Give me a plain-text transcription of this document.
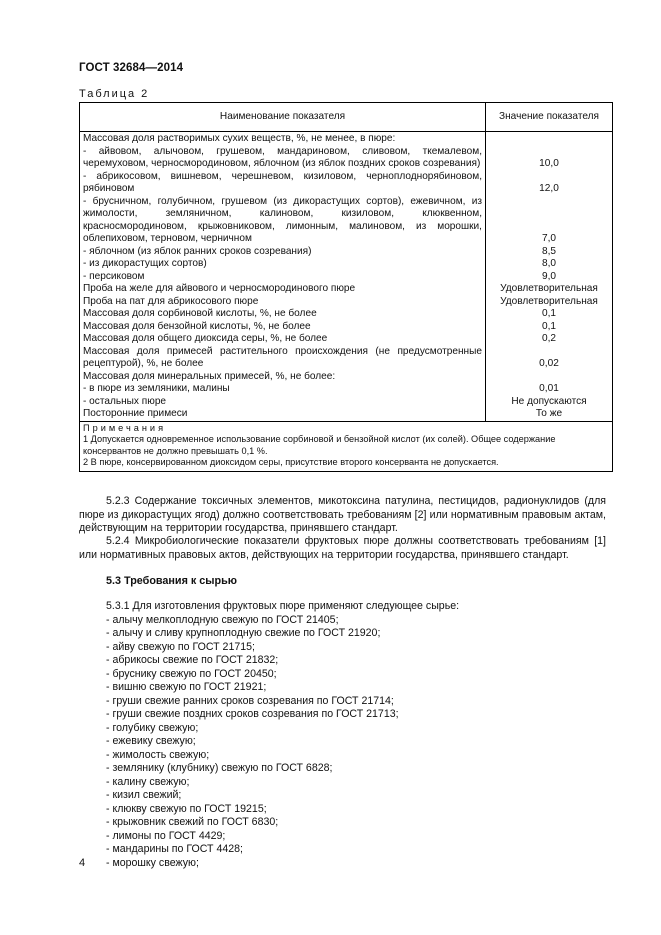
ГОСТ 32684—2014
Таблица 2
Наименование показателя	Значение показателя
Массовая доля растворимых сухих веществ, %, не менее, в пюре:	
- айвовом, алычовом, грушевом, мандариновом, сливовом, ткемалевом, черемуховом, черносмородиновом, яблочном (из яблок поздних сроков созревания)	10,0
- абрикосовом, вишневом, черешневом, кизиловом, черноплоднорябиновом, рябиновом	12,0
- брусничном, голубичном, грушевом (из дикорастущих сортов), ежевичном, из жимолости, земляничном, калиновом, кизиловом, клюквенном, красносмородиновом, крыжовниковом, лимонным, малиновом, из морошки, облепиховом, терновом, черничном	7,0
- яблочном (из яблок ранних сроков созревания)	8,5
- из дикорастущих сортов)	8,0
- персиковом	9,0
Проба на желе для айвового и черносмородинового пюре	Удовлетворительная
Проба на пат для абрикосового пюре	Удовлетворительная
Массовая доля сорбиновой кислоты, %, не более	0,1
Массовая доля бензойной кислоты, %, не более	0,1
Массовая доля общего диоксида серы, %, не более	0,2
Массовая доля примесей растительного происхождения (не предусмотренные рецептурой), %, не более	0,02
Массовая доля минеральных примесей, %, не более:	
- в пюре из земляники, малины	0,01
- остальных пюре	Не допускаются
Посторонние примеси	То же

Примечания
1 Допускается одновременное использование сорбиновой и бензойной кислот (их солей). Общее содержание консервантов не должно превышать 0,1 %.
2 В пюре, консервированном диоксидом серы, присутствие второго консерванта не допускается.	

5.2.3 Содержание токсичных элементов, микотоксина патулина, пестицидов, радионуклидов (для пюре из дикорастущих ягод) должно соответствовать требованиям [2] или нормативным правовым актам, действующим на территории государства, принявшего стандарт.

5.2.4 Микробиологические показатели фруктовых пюре должны соответствовать требованиям [1] или нормативных правовых актов, действующих на территории государства, принявшего стандарт.

5.3 Требования к сырью
5.3.1 Для изготовления фруктовых пюре применяют следующее сырье:
- алычу мелкоплодную свежую по ГОСТ 21405;
- алычу и сливу крупноплодную свежие по ГОСТ 21920;
- айву свежую по ГОСТ 21715;
- абрикосы свежие по ГОСТ 21832;
- бруснику свежую по ГОСТ 20450;
- вишню свежую по ГОСТ 21921;
- груши свежие ранних сроков созревания по ГОСТ 21714;
- груши свежие поздних сроков созревания по ГОСТ 21713;
- голубику свежую;
- ежевику свежую;
- жимолость свежую;
- землянику (клубнику) свежую по ГОСТ 6828;
- калину свежую;
- кизил свежий;
- клюкву свежую по ГОСТ 19215;
- крыжовник свежий по ГОСТ 6830;
- лимоны по ГОСТ 4429;
- мандарины по ГОСТ 4428;
- морошку свежую;
4
